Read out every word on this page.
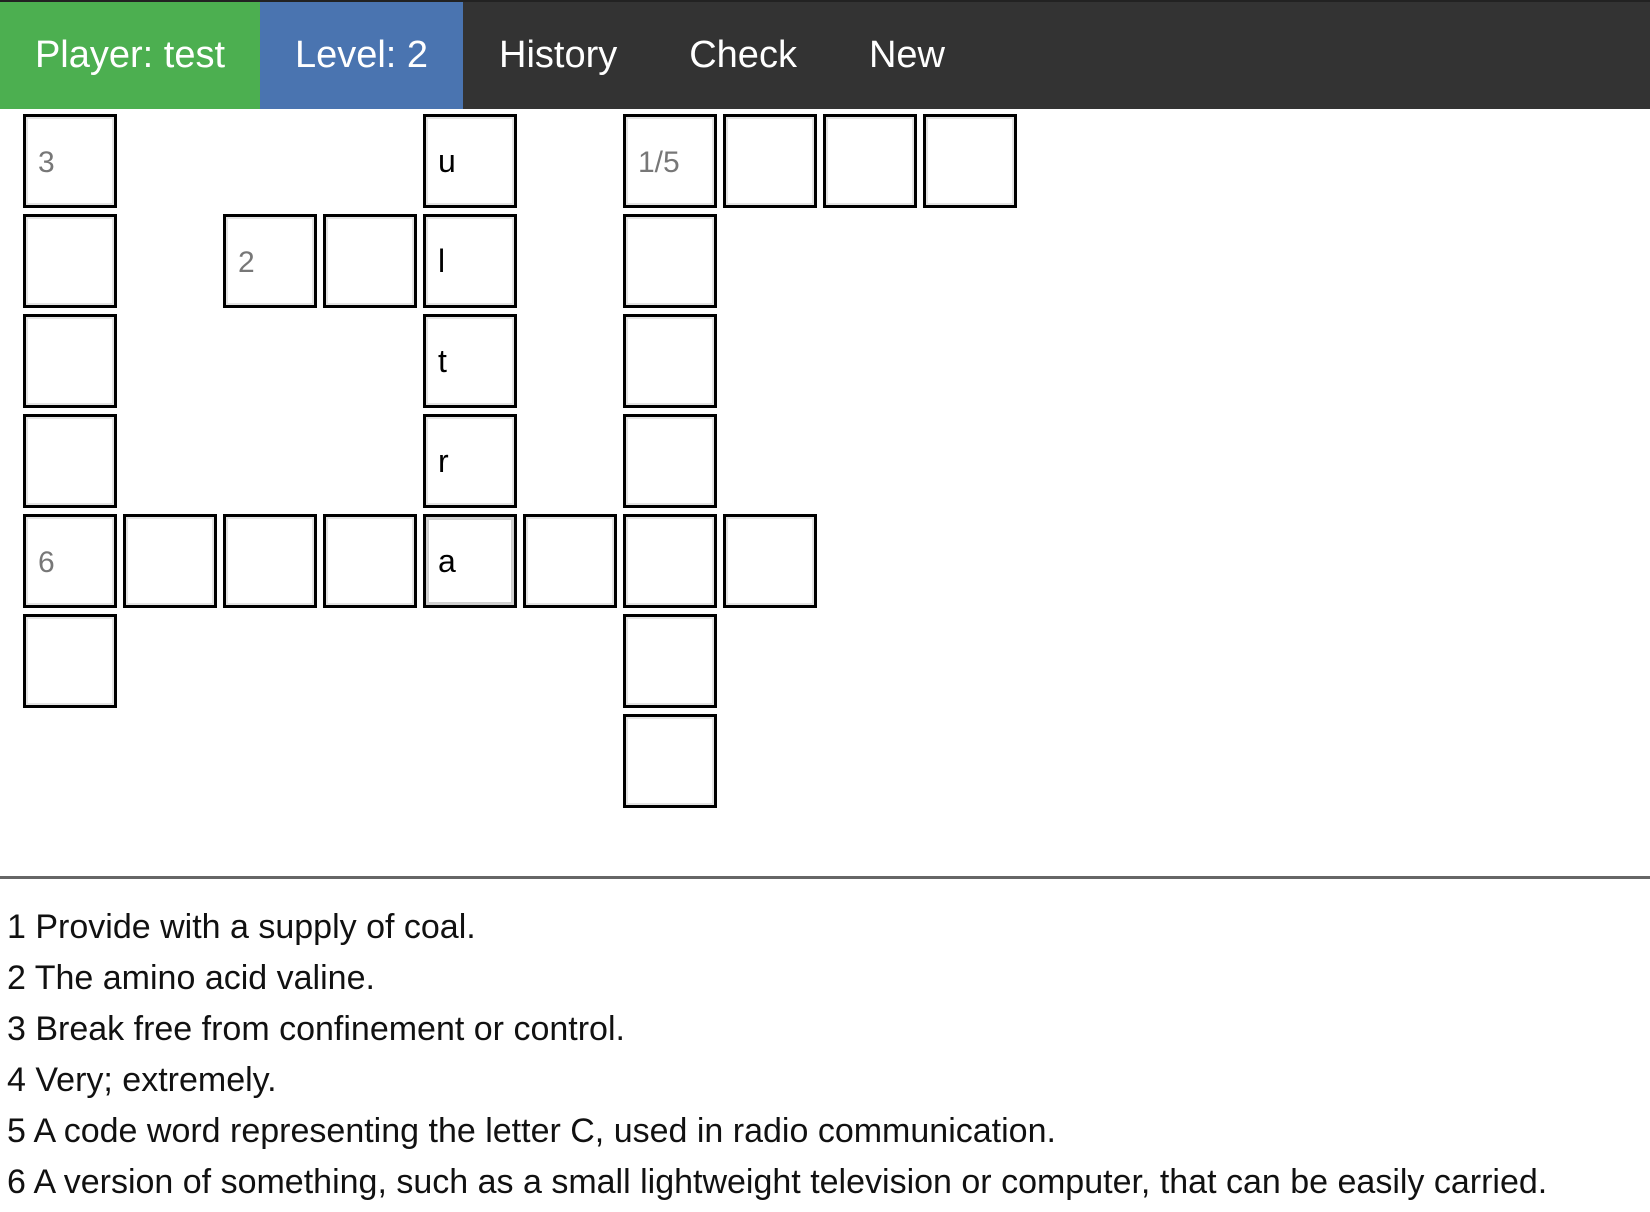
Player: test	Level: 2	History	Check	New
3
u
1/5
2
l
t
r
6
a
1 Provide with a supply of coal.
2 The amino acid valine.
3 Break free from confinement or control.
4 Very; extremely.
5 A code word representing the letter C, used in radio communication.
6 A version of something, such as a small lightweight television or computer, that can be easily carried.
